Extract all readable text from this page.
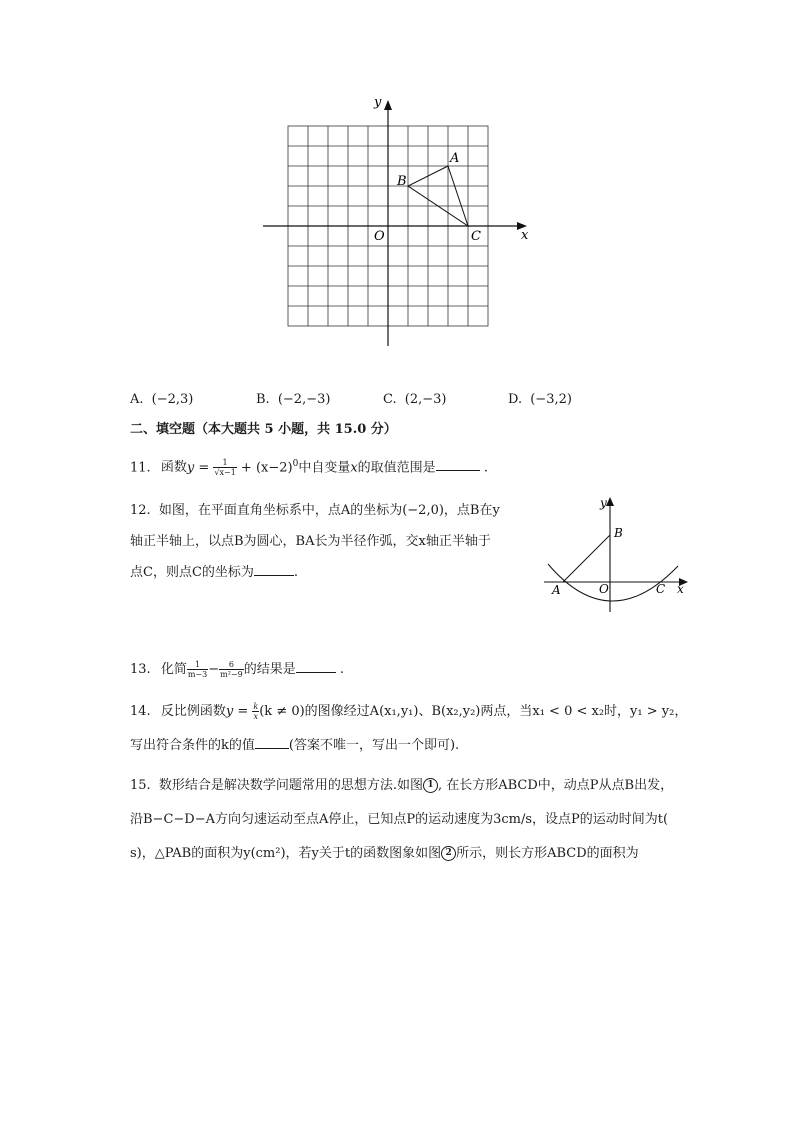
x
y
O
A
B
C
A. (−2,3)	B. (−2,−3)	C. (2,−3)	D. (−3,2)
二、填空题（本大题共 5 小题，共 15.0 分）
11. 函数$y = \frac{1}{√x-1} + (x-2)^0$中自变量x的取值范围是	.
12. 如图，在平面直角坐标系中，点A的坐标为(−2,0)，点B在y
轴正半轴上，以点B为圆心，BA长为半径作弧，交x轴正半轴于
点C，则点C的坐标为	.
x
y
O
A
B
C
13. 化简 $\frac{1}{m-3} - \frac{6}{\text{m²−9}}$ 的结果是	.
14. 反比例函数$y = \frac{k}{x} (k \ne 0)$的图像经过A(x₁,y₁)、B(x₂,y₂)两点，当x₁ < 0 < x₂时，y₁ > y₂，
写出符合条件的k的值	(答案不唯一，写出一个即可).
15. 数形结合是解决数学问题常用的思想方法.如图 1 , 在长方形ABCD中，动点P从点B出发，
沿B−C−D−A方向匀速运动至点A停止，已知点P的运动速度为3cm/s，设点P的运动时间为t(
s)，△PAB的面积为y(cm²)，若y关于t的函数图象如图 2 所示，则长方形ABCD的面积为
